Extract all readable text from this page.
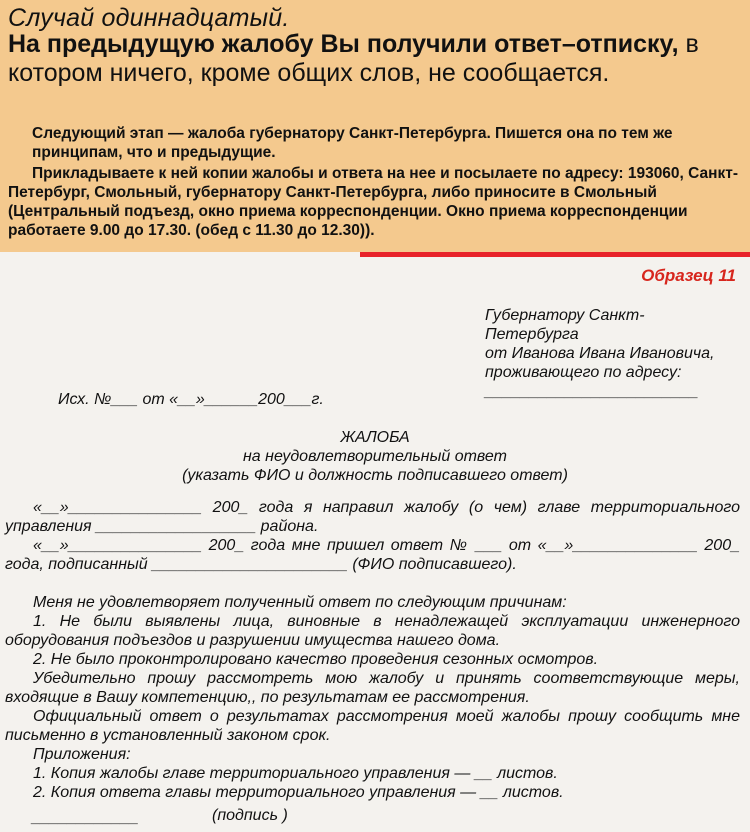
Случай одиннадцатый.
На предыдущую жалобу Вы получили ответ–отписку, в котором ничего, кроме общих слов, не сообщается.
Следующий этап — жалоба губернатору Санкт-Петербурга. Пишется она по тем же принципам, что и предыдущие.
Прикладываете к ней копии жалобы и ответа на нее и посылаете по адресу: 193060, Санкт-Петербург, Смольный, губернатору Санкт-Петербурга, либо приносите в Смольный (Центральный подъезд, окно приема корреспонденции. Окно приема корреспонденции работаете 9.00 до 17.30. (обед с 11.30 до 12.30)).
Образец 11
Губернатору Санкт-
Петербурга
от Иванова Ивана Ивановича,
проживающего по адресу:
________________________
Исх. №___ от «__»______200___г.
ЖАЛОБА
на неудовлетворительный ответ
(указать ФИО и должность подписавшего ответ)
«__»_______________ 200_ года я направил жалобу (о чем) главе территориального управления __________________ района.
«__»_______________ 200_ года мне пришел ответ № ___ от «__»______________ 200_ года, подписанный ______________________ (ФИО подписавшего).
Меня не удовлетворяет полученный ответ по следующим причинам:
1. Не были выявлены лица, виновные в ненадлежащей эксплуатации инженерного оборудования подъездов и разрушении имущества нашего дома.
2. Не было проконтролировано качество проведения сезонных осмотров.
Убедительно прошу рассмотреть мою жалобу и принять соответствующие меры, входящие в Вашу компетенцию,, по результатам ее рассмотрения.
Официальный ответ о результатах рассмотрения моей жалобы прошу сообщить мне письменно в установленный законом срок.
Приложения:
1. Копия жалобы главе территориального управления — __ листов.
2. Копия ответа главы территориального управления — __ листов.
____________	(подпись )
